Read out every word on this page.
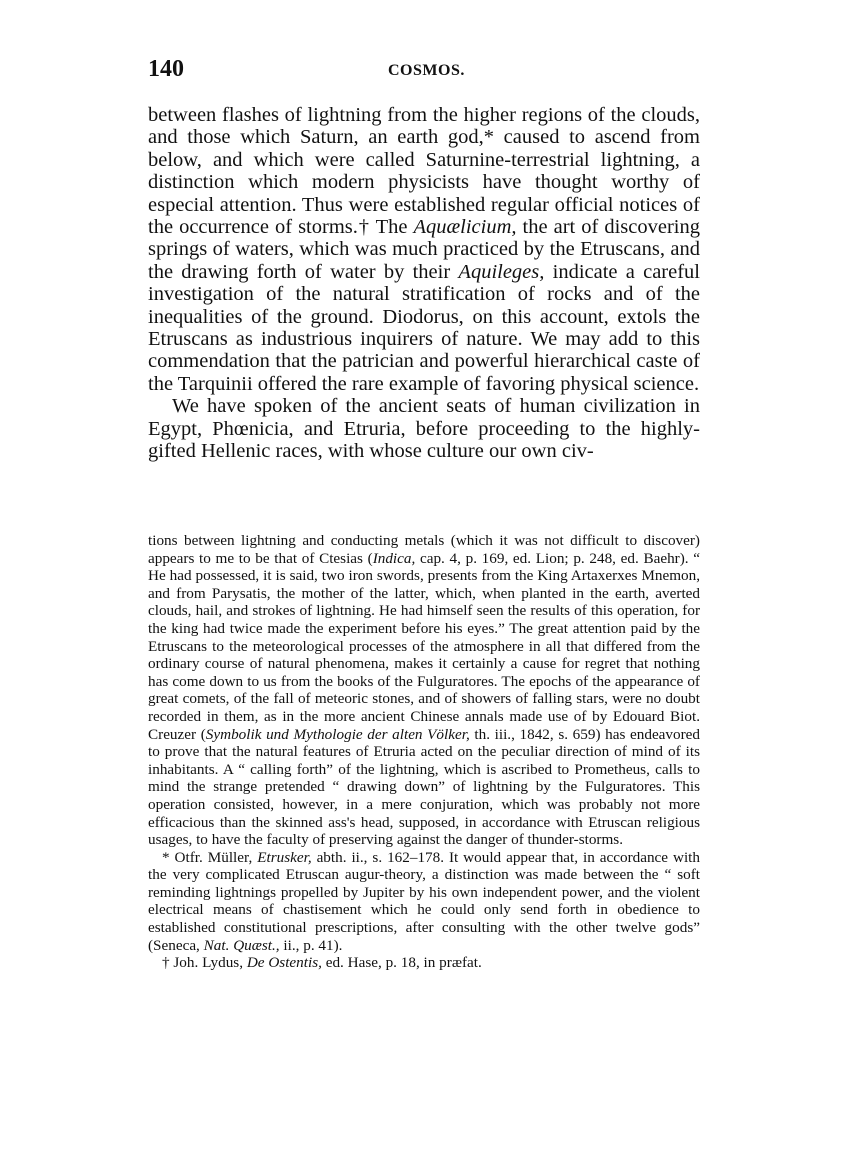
140	COSMOS.

between flashes of lightning from the higher regions of the clouds, and those which Saturn, an earth god,* caused to ascend from below, and which were called Saturnine-terrestrial lightning, a distinction which modern physicists have thought worthy of especial attention. Thus were established regular official notices of the occurrence of storms.† The Aquælicium, the art of discovering springs of waters, which was much practiced by the Etruscans, and the drawing forth of water by their Aquileges, indicate a careful investigation of the natural stratification of rocks and of the inequalities of the ground. Diodorus, on this account, extols the Etruscans as industrious inquirers of nature. We may add to this commendation that the patrician and powerful hierarchical caste of the Tarquinii offered the rare example of favoring physical science.

We have spoken of the ancient seats of human civilization in Egypt, Phœnicia, and Etruria, before proceeding to the highly-gifted Hellenic races, with whose culture our own civ-

tions between lightning and conducting metals (which it was not difficult to discover) appears to me to be that of Ctesias (Indica, cap. 4, p. 169, ed. Lion; p. 248, ed. Baehr). “ He had possessed, it is said, two iron swords, presents from the King Artaxerxes Mnemon, and from Parysatis, the mother of the latter, which, when planted in the earth, averted clouds, hail, and strokes of lightning. He had himself seen the results of this operation, for the king had twice made the experiment before his eyes.” The great attention paid by the Etruscans to the meteorological processes of the atmosphere in all that differed from the ordinary course of natural phenomena, makes it certainly a cause for regret that nothing has come down to us from the books of the Fulguratores. The epochs of the appearance of great comets, of the fall of meteoric stones, and of showers of falling stars, were no doubt recorded in them, as in the more ancient Chinese annals made use of by Edouard Biot. Creuzer (Symbolik und Mythologie der alten Völker, th. iii., 1842, s. 659) has endeavored to prove that the natural features of Etruria acted on the peculiar direction of mind of its inhabitants. A “ calling forth” of the lightning, which is ascribed to Prometheus, calls to mind the strange pretended “ drawing down” of lightning by the Fulguratores. This operation consisted, however, in a mere conjuration, which was probably not more efficacious than the skinned ass's head, supposed, in accordance with Etruscan religious usages, to have the faculty of preserving against the danger of thunder-storms.

* Otfr. Müller, Etrusker, abth. ii., s. 162–178. It would appear that, in accordance with the very complicated Etruscan augur-theory, a distinction was made between the “ soft reminding lightnings propelled by Jupiter by his own independent power, and the violent electrical means of chastisement which he could only send forth in obedience to established constitutional prescriptions, after consulting with the other twelve gods” (Seneca, Nat. Quæst., ii., p. 41).

† Joh. Lydus, De Ostentis, ed. Hase, p. 18, in præfat.
